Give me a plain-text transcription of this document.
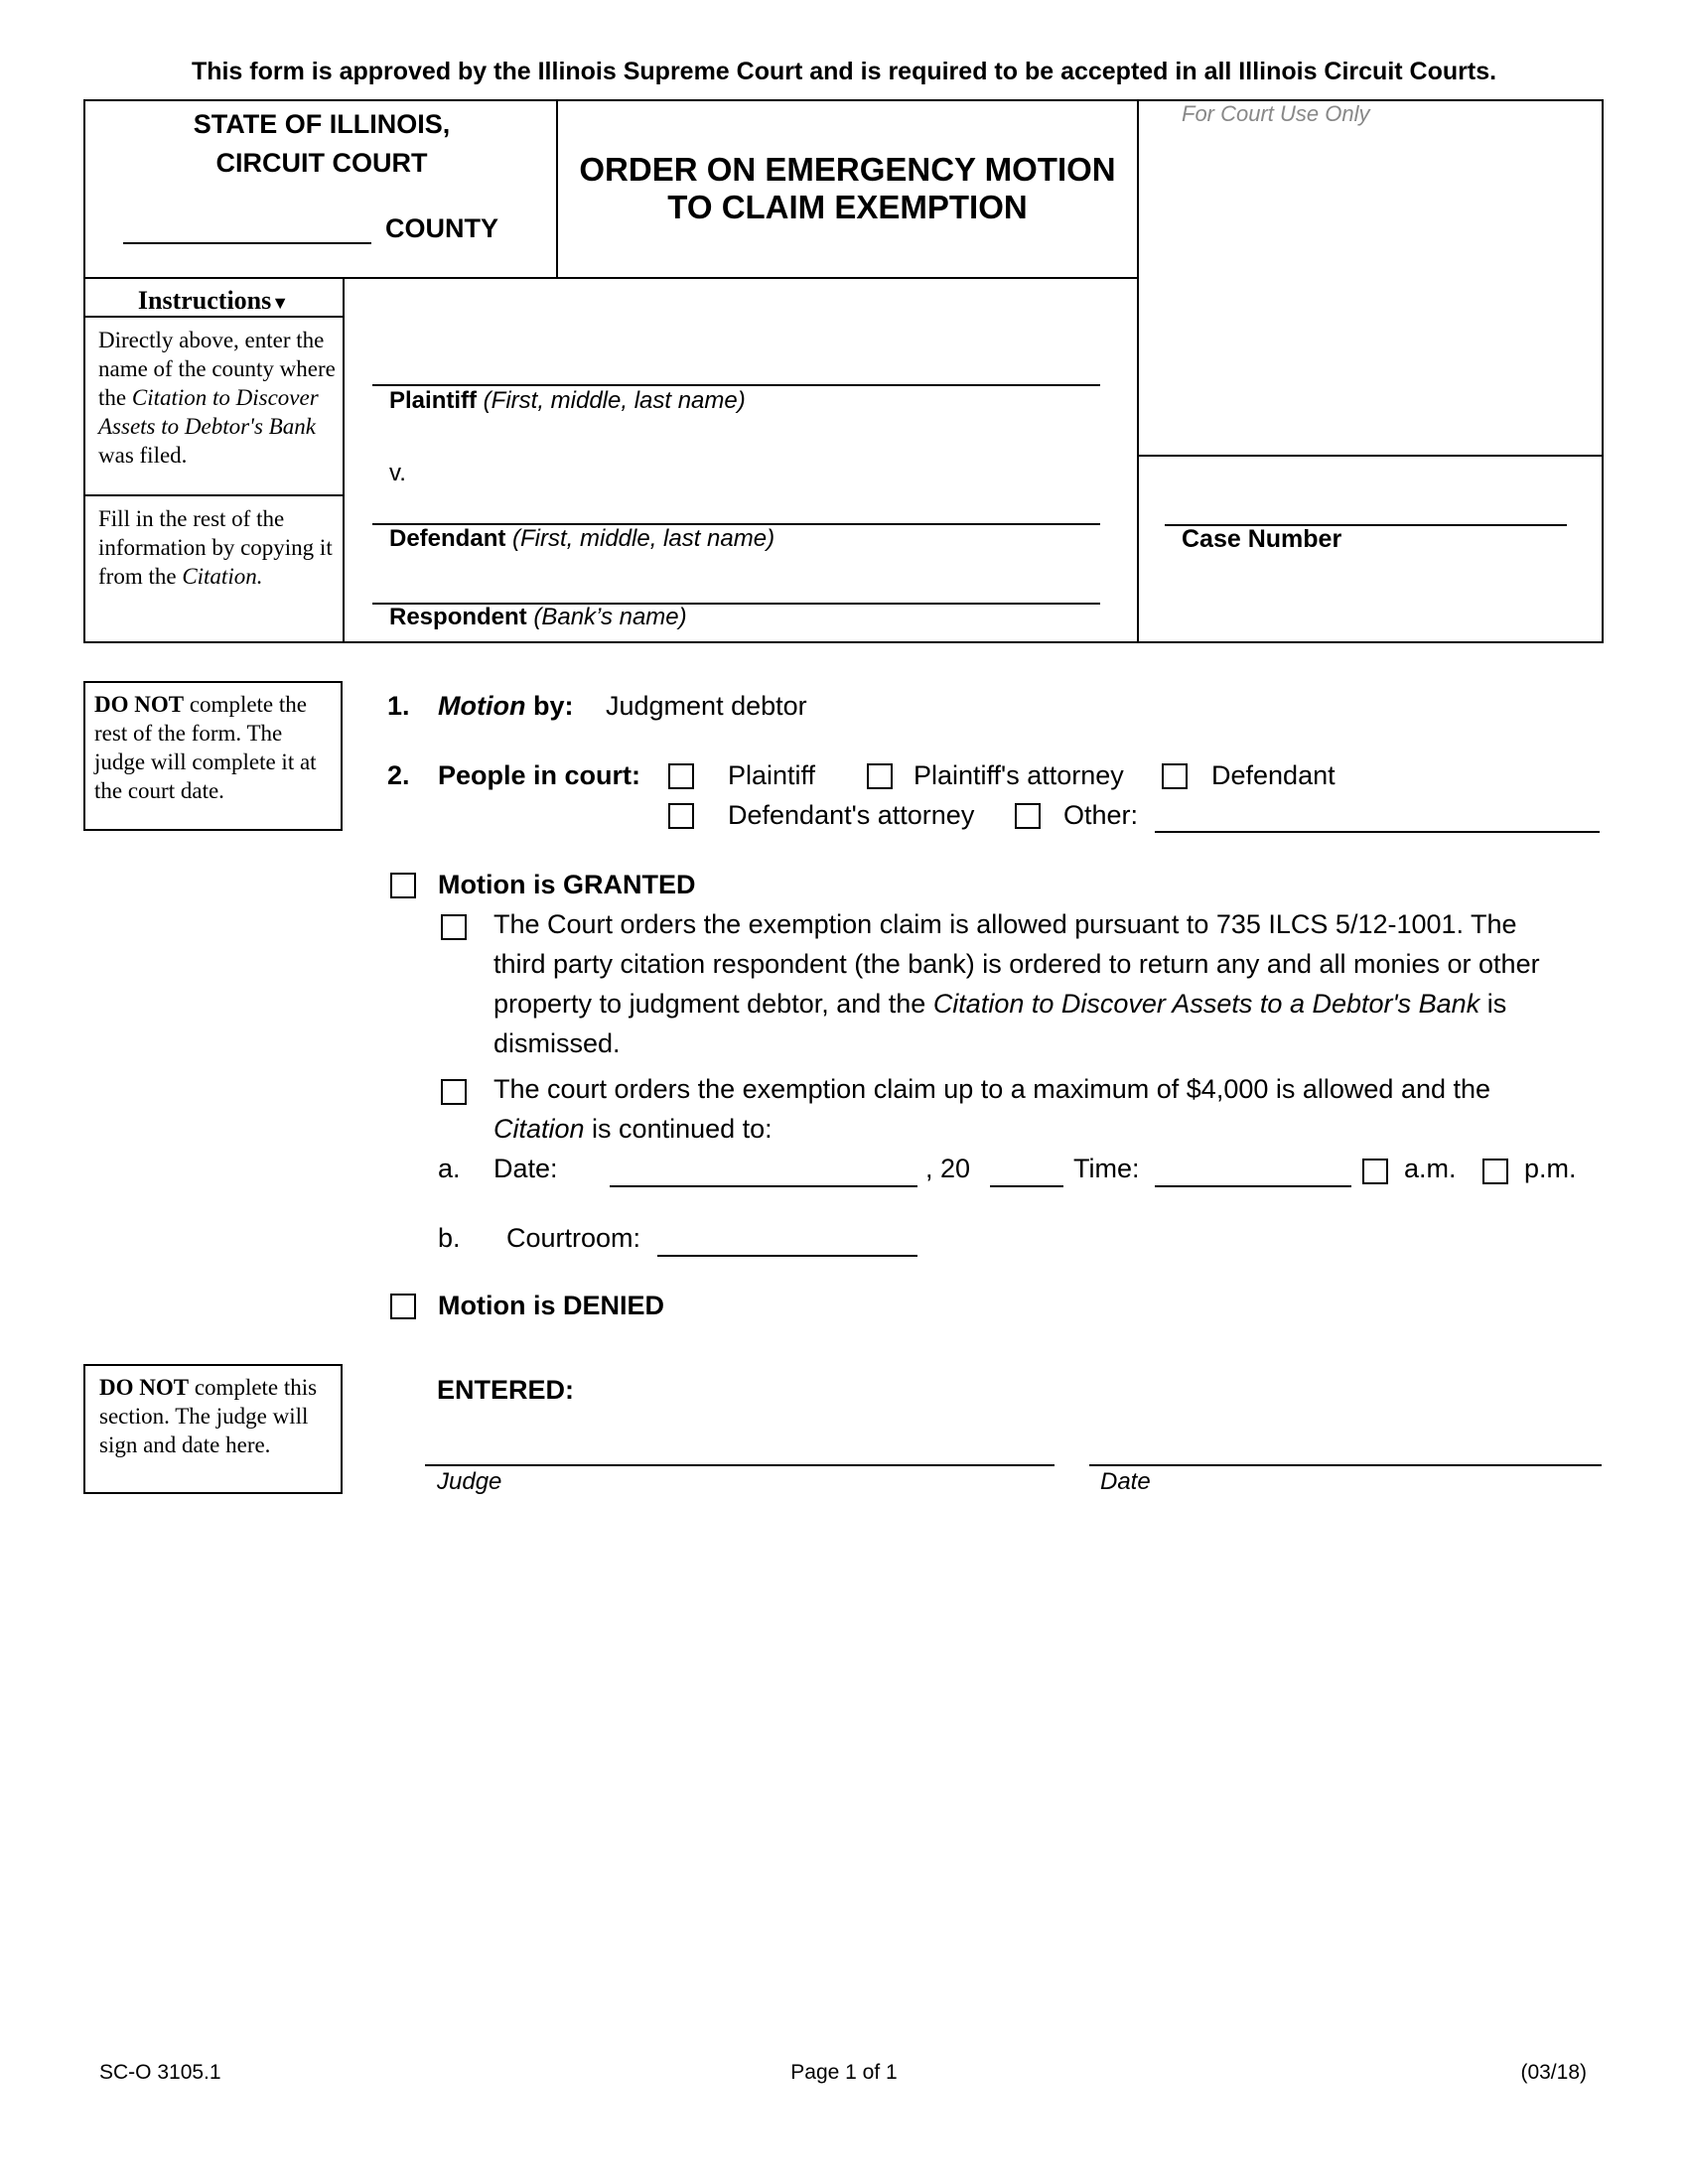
This form is approved by the Illinois Supreme Court and is required to be accepted in all Illinois Circuit Courts.
STATE OF ILLINOIS,
CIRCUIT COURT
COUNTY
ORDER ON EMERGENCY MOTION
TO CLAIM EXEMPTION
For Court Use Only
Case Number
Instructions▼
Directly above, enter the name of the county where the Citation to Discover Assets to Debtor's Bank was filed.
Fill in the rest of the information by copying it from the Citation.
Plaintiff (First, middle, last name)
v.
Defendant (First, middle, last name)
Respondent (Bank’s name)
DO NOT complete the rest of the form. The judge will complete it at the court date.
1. Motion by: Judgment debtor
2. People in court:	Plaintiff	Plaintiff's attorney	Defendant
Defendant's attorney	Other:
Motion is GRANTED
The Court orders the exemption claim is allowed pursuant to 735 ILCS 5/12-1001. The
third party citation respondent (the bank) is ordered to return any and all monies or other
property to judgment debtor, and the Citation to Discover Assets to a Debtor's Bank is
dismissed.
The court orders the exemption claim up to a maximum of $4,000 is allowed and the
Citation is continued to:
a. Date:	, 20	Time:	a.m.	p.m.
b. Courtroom:
Motion is DENIED
DO NOT complete this section. The judge will sign and date here.
ENTERED:
Judge	Date
SC-O 3105.1	Page 1 of 1	(03/18)
